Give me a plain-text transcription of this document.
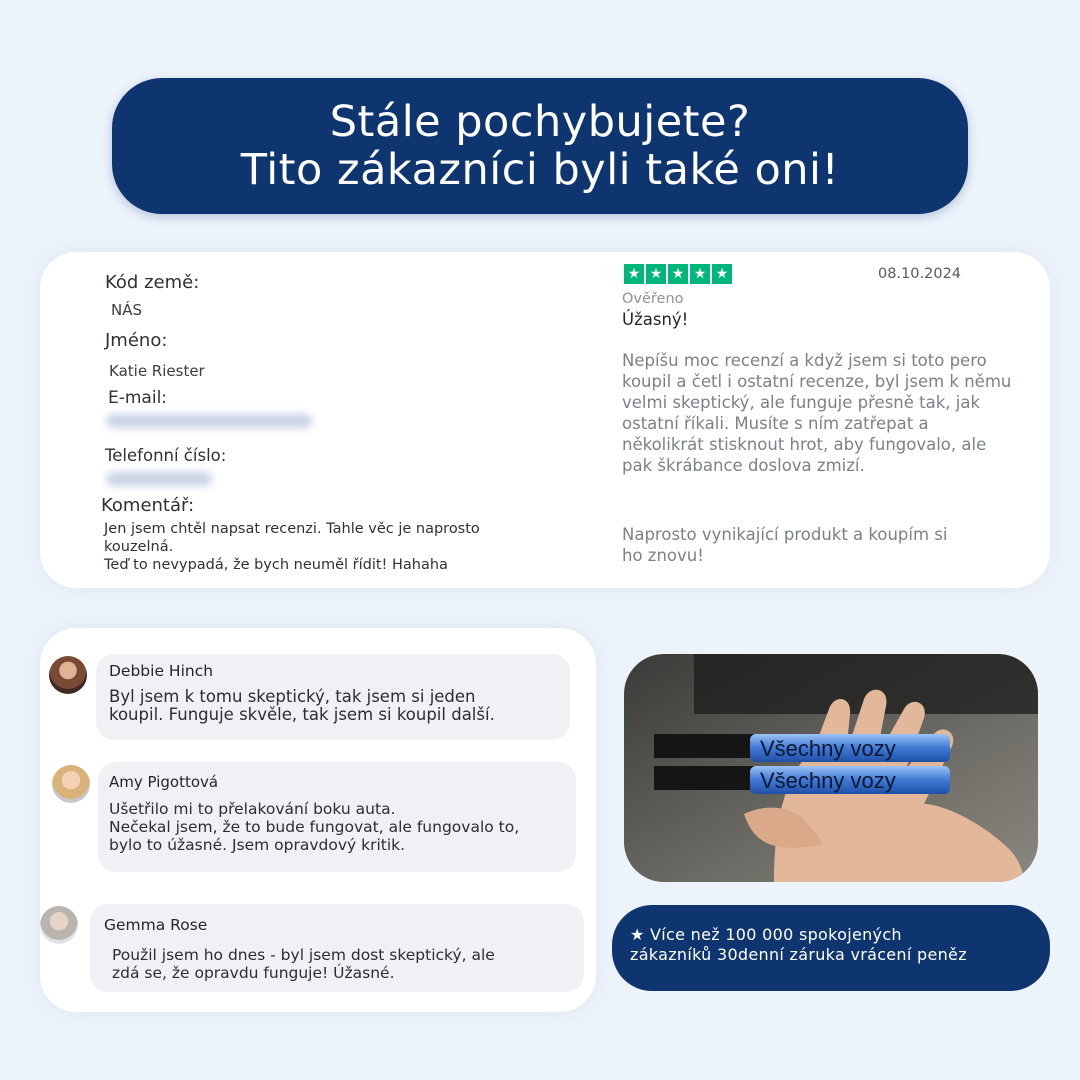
Stále pochybujete?
Tito zákazníci byli také oni!
Kód země:
NÁS
Jméno:
Katie Riester
E-mail:
Telefonní číslo:
Komentář:

Jen jsem chtěl napsat recenzi. Tahle věc je naprosto
kouzelná.
Teď to nevypadá, že bych neuměl řídit! Hahaha

★ ★ ★ ★ ★	08.10.2024
Ověřeno
Úžasný!

Nepíšu moc recenzí a když jsem si toto pero
koupil a četl i ostatní recenze, byl jsem k němu
velmi skeptický, ale funguje přesně tak, jak
ostatní říkali. Musíte s ním zatřepat a
několikrát stisknout hrot, aby fungovalo, ale
pak škrábance doslova zmizí.

Naprosto vynikající produkt a koupím si
ho znovu!

Debbie Hinch

Byl jsem k tomu skeptický, tak jsem si jeden
koupil. Funguje skvěle, tak jsem si koupil další.

Amy Pigottová

Ušetřilo mi to přelakování boku auta.
Nečekal jsem, že to bude fungovat, ale fungovalo to,
bylo to úžasné. Jsem opravdový kritik.

Gemma Rose

Použil jsem ho dnes - byl jsem dost skeptický, ale
zdá se, že opravdu funguje! Úžasné.

Všechny vozy
Všechny vozy

★ Více než 100 000 spokojených
zákazníků 30denní záruka vrácení peněz
